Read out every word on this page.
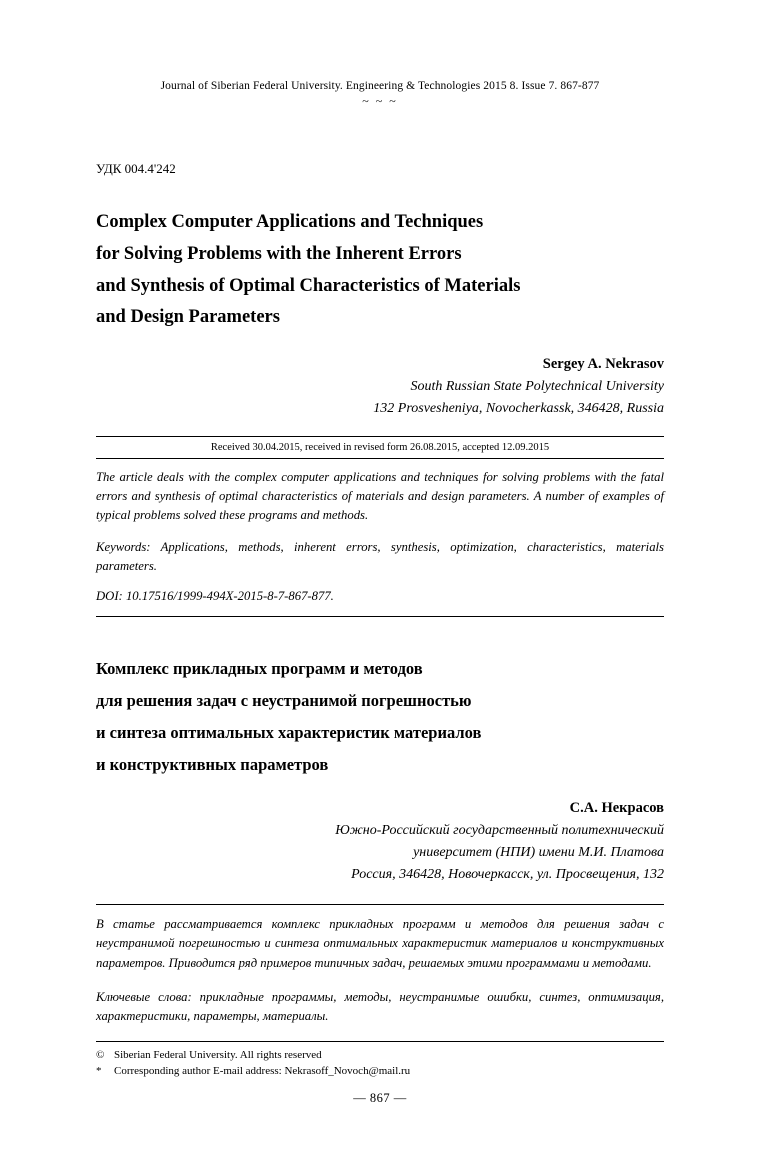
Journal of Siberian Federal University. Engineering & Technologies 2015 8. Issue 7. 867-877
~ ~ ~
УДК 004.4'242
Complex Computer Applications and Techniques
for Solving Problems with the Inherent Errors
and Synthesis of Optimal Characteristics of Materials
and Design Parameters
Sergey A. Nekrasov
South Russian State Polytechnical University
132 Prosvesheniya, Novocherkassk, 346428, Russia
Received 30.04.2015, received in revised form 26.08.2015, accepted 12.09.2015
The article deals with the complex computer applications and techniques for solving problems with the fatal errors and synthesis of optimal characteristics of materials and design parameters. A number of examples of typical problems solved these programs and methods.
Keywords: Applications, methods, inherent errors, synthesis, optimization, characteristics, materials parameters.
DOI: 10.17516/1999-494X-2015-8-7-867-877.
Комплекс прикладных программ и методов
для решения задач с неустранимой погрешностью
и синтеза оптимальных характеристик материалов
и конструктивных параметров
С.А. Некрасов
Южно-Российский государственный политехнический
университет (НПИ) имени М.И. Платова
Россия, 346428, Новочеркасск, ул. Просвещения, 132
В статье рассматривается комплекс прикладных программ и методов для решения задач с неустранимой погрешностью и синтеза оптимальных характеристик материалов и конструктивных параметров. Приводится ряд примеров типичных задач, решаемых этими программами и методами.
Ключевые слова: прикладные программы, методы, неустранимые ошибки, синтез, оптимизация, характеристики, параметры, материалы.
© Siberian Federal University. All rights reserved
*	Corresponding author E-mail address: Nekrasoff_Novoch@mail.ru
— 867 —
